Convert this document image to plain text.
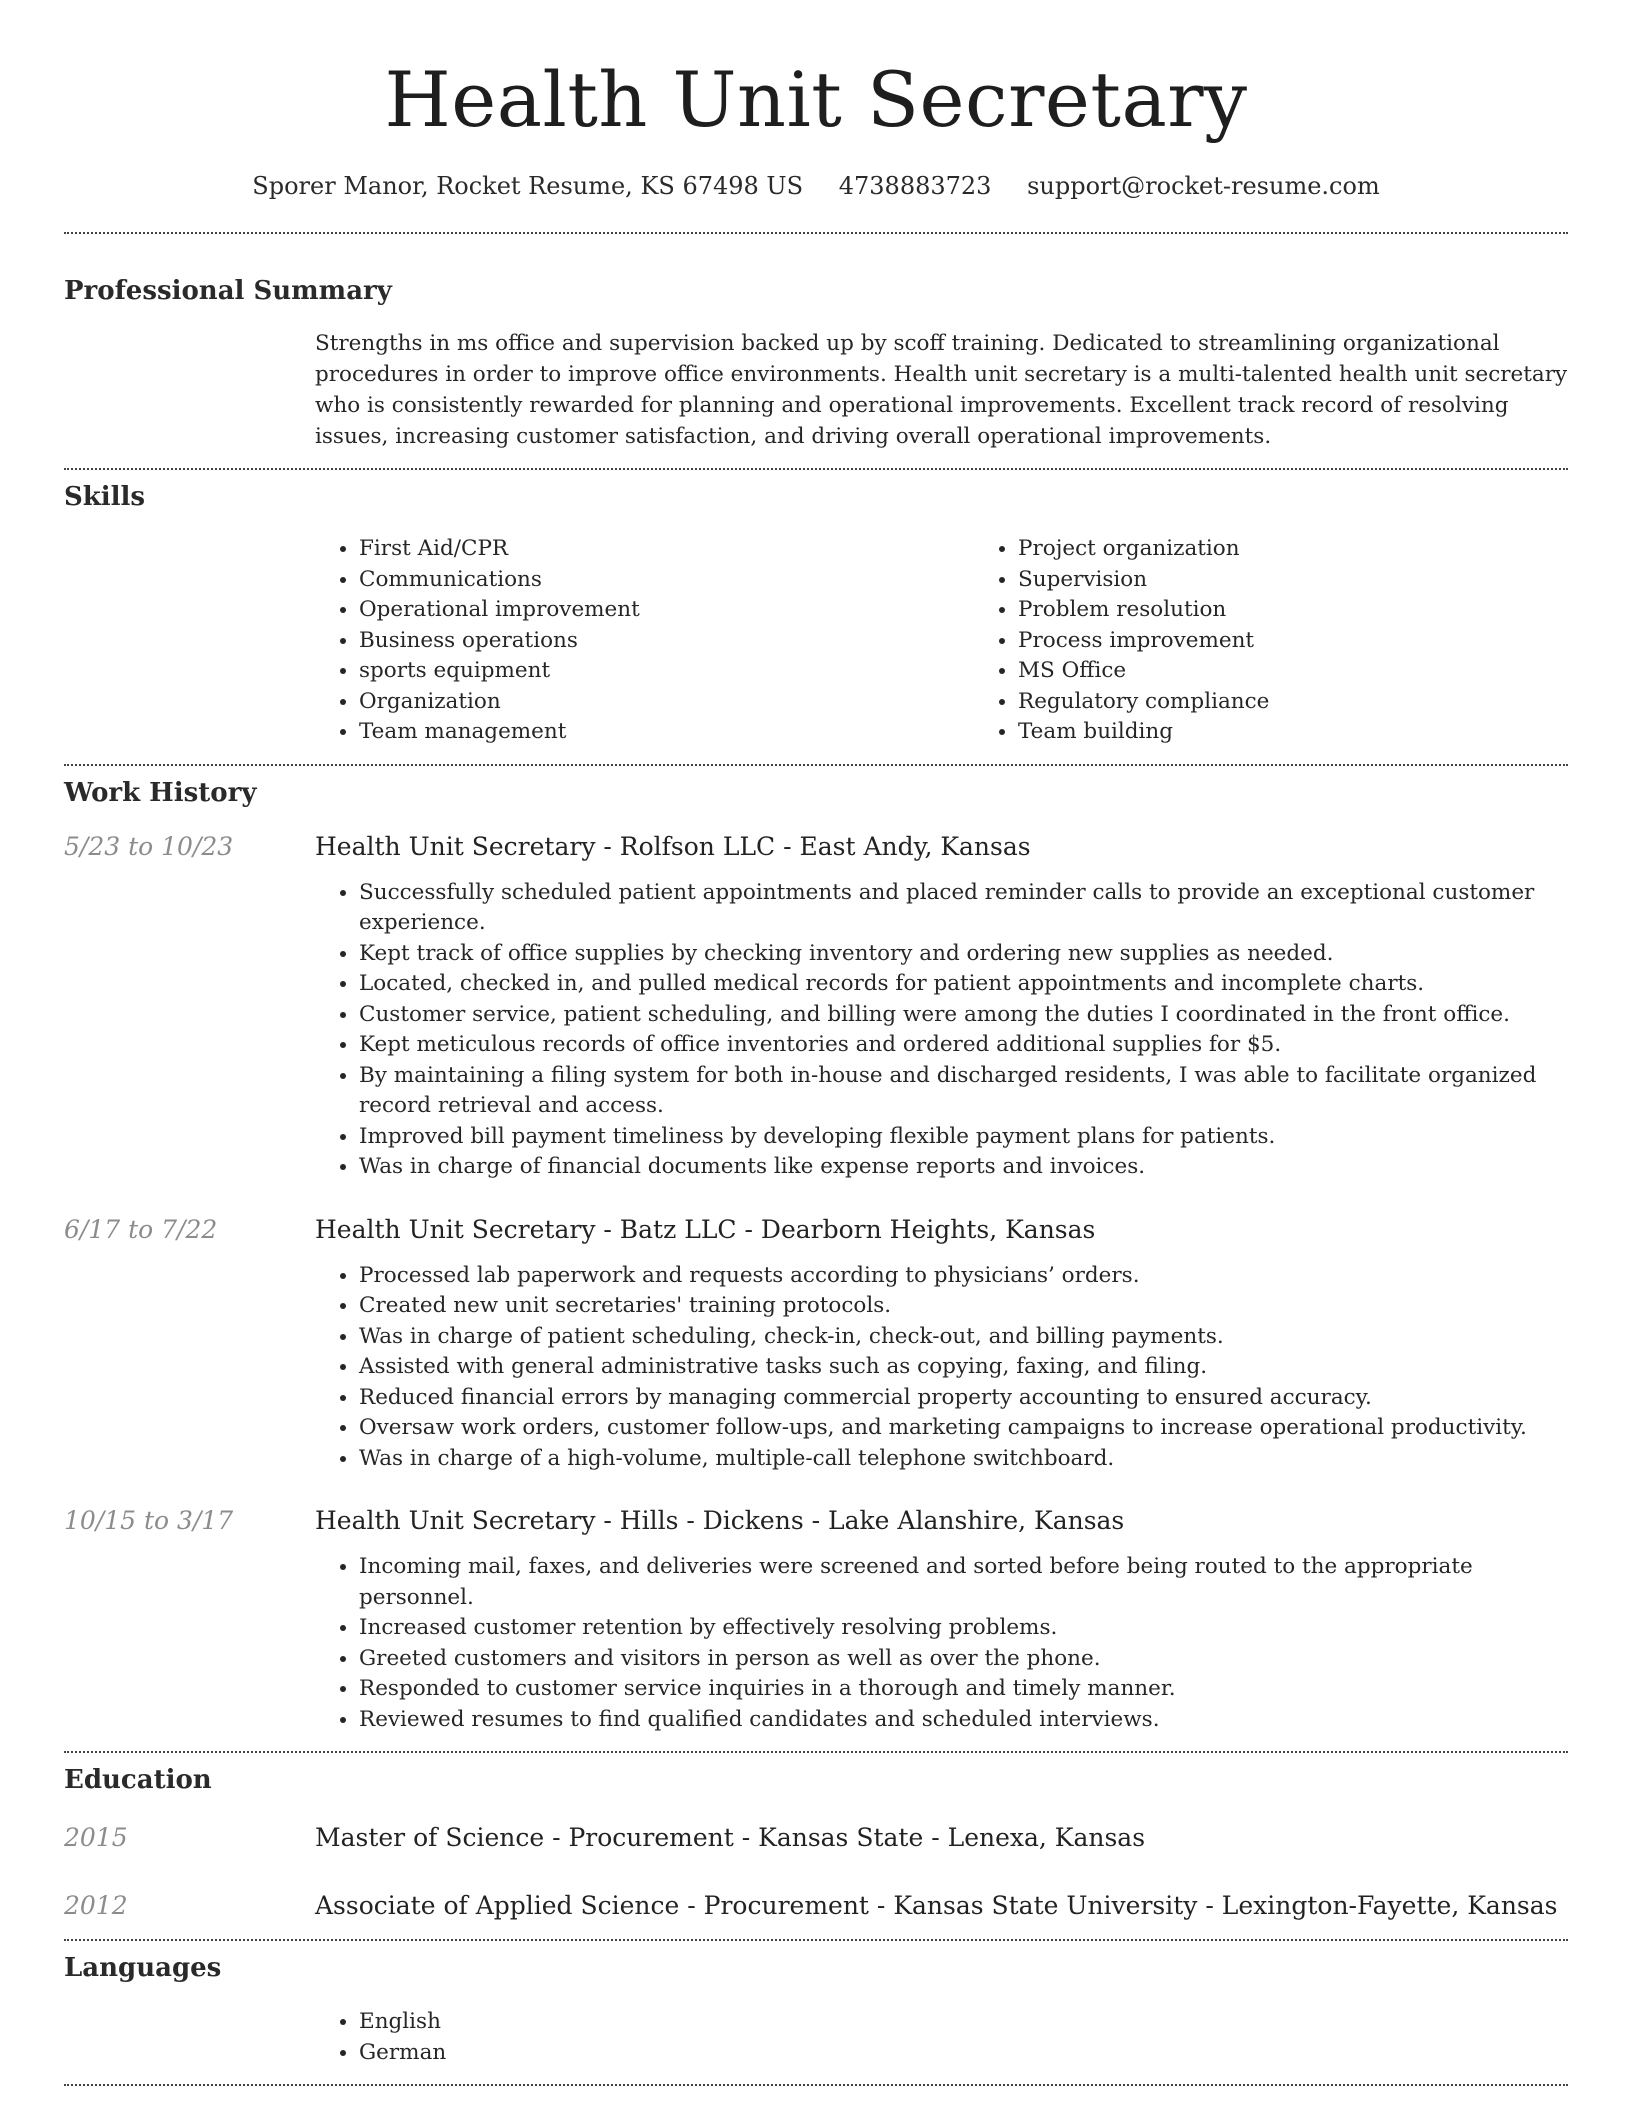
Health Unit Secretary
Sporer Manor, Rocket Resume, KS 67498 US 4738883723 support@rocket-resume.com
Professional Summary

Strengths in ms office and supervision backed up by scoff training. Dedicated to streamlining organizational procedures in order to improve office environments. Health unit secretary is a multi-talented health unit secretary who is consistently rewarded for planning and operational improvements. Excellent track record of resolving issues, increasing customer satisfaction, and driving overall operational improvements.

Skills
• First Aid/CPR
• Communications
• Operational improvement
• Business operations
• sports equipment
• Organization
• Team management
• Project organization
• Supervision
• Problem resolution
• Process improvement
• MS Office
• Regulatory compliance
• Team building
Work History
5/23 to 10/23	Health Unit Secretary - Rolfson LLC - East Andy, Kansas
• Successfully scheduled patient appointments and placed reminder calls to provide an exceptional customer experience.
• Kept track of office supplies by checking inventory and ordering new supplies as needed.
• Located, checked in, and pulled medical records for patient appointments and incomplete charts.
• Customer service, patient scheduling, and billing were among the duties I coordinated in the front office.
• Kept meticulous records of office inventories and ordered additional supplies for $5.
• By maintaining a filing system for both in-house and discharged residents, I was able to facilitate organized record retrieval and access.
• Improved bill payment timeliness by developing flexible payment plans for patients.
• Was in charge of financial documents like expense reports and invoices.
6/17 to 7/22	Health Unit Secretary - Batz LLC - Dearborn Heights, Kansas
• Processed lab paperwork and requests according to physicians’ orders.
• Created new unit secretaries' training protocols.
• Was in charge of patient scheduling, check-in, check-out, and billing payments.
• Assisted with general administrative tasks such as copying, faxing, and filing.
• Reduced financial errors by managing commercial property accounting to ensured accuracy.
• Oversaw work orders, customer follow-ups, and marketing campaigns to increase operational productivity.
• Was in charge of a high-volume, multiple-call telephone switchboard.
10/15 to 3/17	Health Unit Secretary - Hills - Dickens - Lake Alanshire, Kansas
• Incoming mail, faxes, and deliveries were screened and sorted before being routed to the appropriate personnel.
• Increased customer retention by effectively resolving problems.
• Greeted customers and visitors in person as well as over the phone.
• Responded to customer service inquiries in a thorough and timely manner.
• Reviewed resumes to find qualified candidates and scheduled interviews.
Education
2015	Master of Science - Procurement - Kansas State - Lenexa, Kansas
2012	Associate of Applied Science - Procurement - Kansas State University - Lexington-Fayette, Kansas
Languages
• English
• German
